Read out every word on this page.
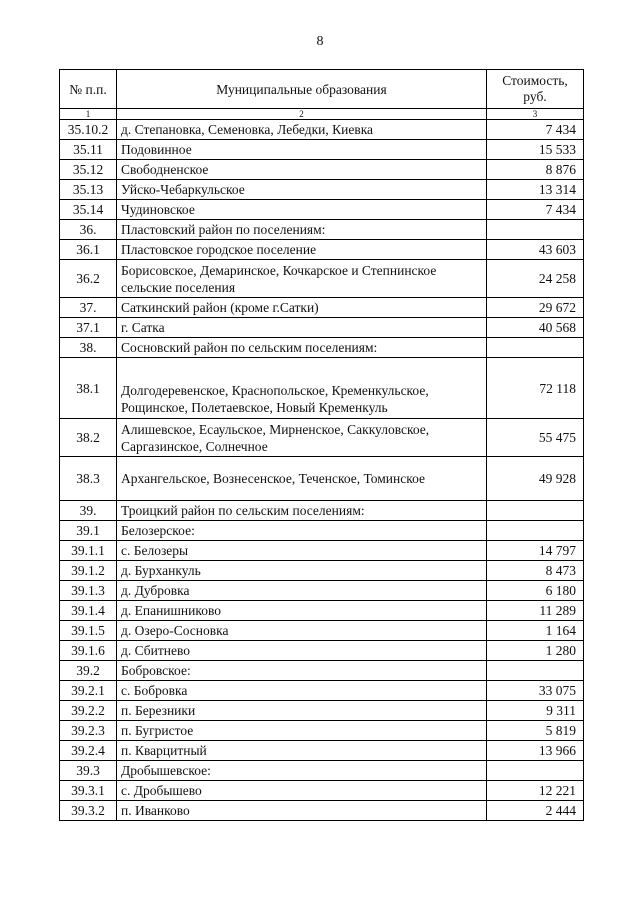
8
№ п.п.	Муниципальные образования	Стоимость,
руб.
1	2	3
35.10.2	д. Степановка, Семеновка, Лебедки, Киевка	7 434
35.11	Подовинное	15 533
35.12	Свободненское	8 876
35.13	Уйско-Чебаркульское	13 314
35.14	Чудиновское	7 434
36.	Пластовский район по поселениям:	
36.1	Пластовское городское поселение	43 603
36.2	Борисовское, Демаринское, Кочкарское и Степнинское сельские поселения	24 258
37.	Саткинский район (кроме г.Сатки)	29 672
37.1	г. Сатка	40 568
38.	Сосновский район по сельским поселениям:	
38.1	Долгодеревенское, Краснопольское, Кременкульское, Рощинское, Полетаевское, Новый Кременкуль	72 118
38.2	Алишевское, Есаульское, Мирненское, Саккуловское, Саргазинское, Солнечное	55 475
38.3	Архангельское, Вознесенское, Теченское, Томинское	49 928
39.	Троицкий район по сельским поселениям:	
39.1	Белозерское:	
39.1.1	с. Белозеры	14 797
39.1.2	д. Бурханкуль	8 473
39.1.3	д. Дубровка	6 180
39.1.4	д. Епанишниково	11 289
39.1.5	д. Озеро-Сосновка	1 164
39.1.6	д. Сбитнево	1 280
39.2	Бобровское:	
39.2.1	с. Бобровка	33 075
39.2.2	п. Березники	9 311
39.2.3	п. Бугристое	5 819
39.2.4	п. Кварцитный	13 966
39.3	Дробышевское:	
39.3.1	с. Дробышево	12 221
39.3.2	п. Иванково	2 444
